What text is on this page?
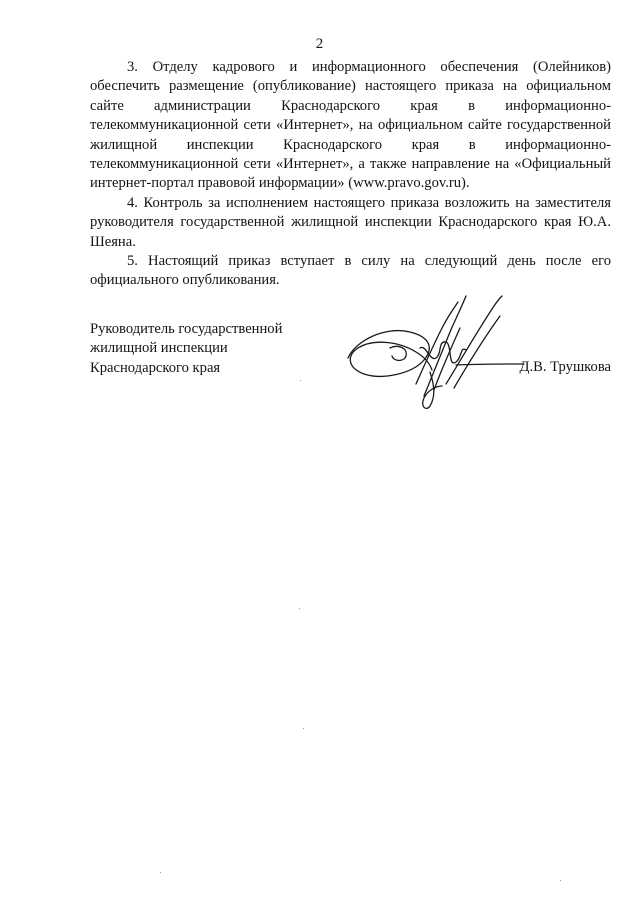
2

3. Отделу кадрового и информационного обеспечения (Олейников) обеспечить размещение (опубликование) настоящего приказа на официальном сайте администрации Краснодарского края в информационно-телекоммуникационной сети «Интернет», на официальном сайте государственной жилищной инспекции Краснодарского края в информационно-телекоммуникационной сети «Интернет», а также направление на «Официальный интернет-портал правовой информации» (www.pravo.gov.ru).

4. Контроль за исполнением настоящего приказа возложить на заместителя руководителя государственной жилищной инспекции Краснодарского края Ю.А. Шеяна.

5. Настоящий приказ вступает в силу на следующий день после его официального опубликования.

Руководитель государственной
жилищной инспекции
Краснодарского края	Д.В. Трушкова
